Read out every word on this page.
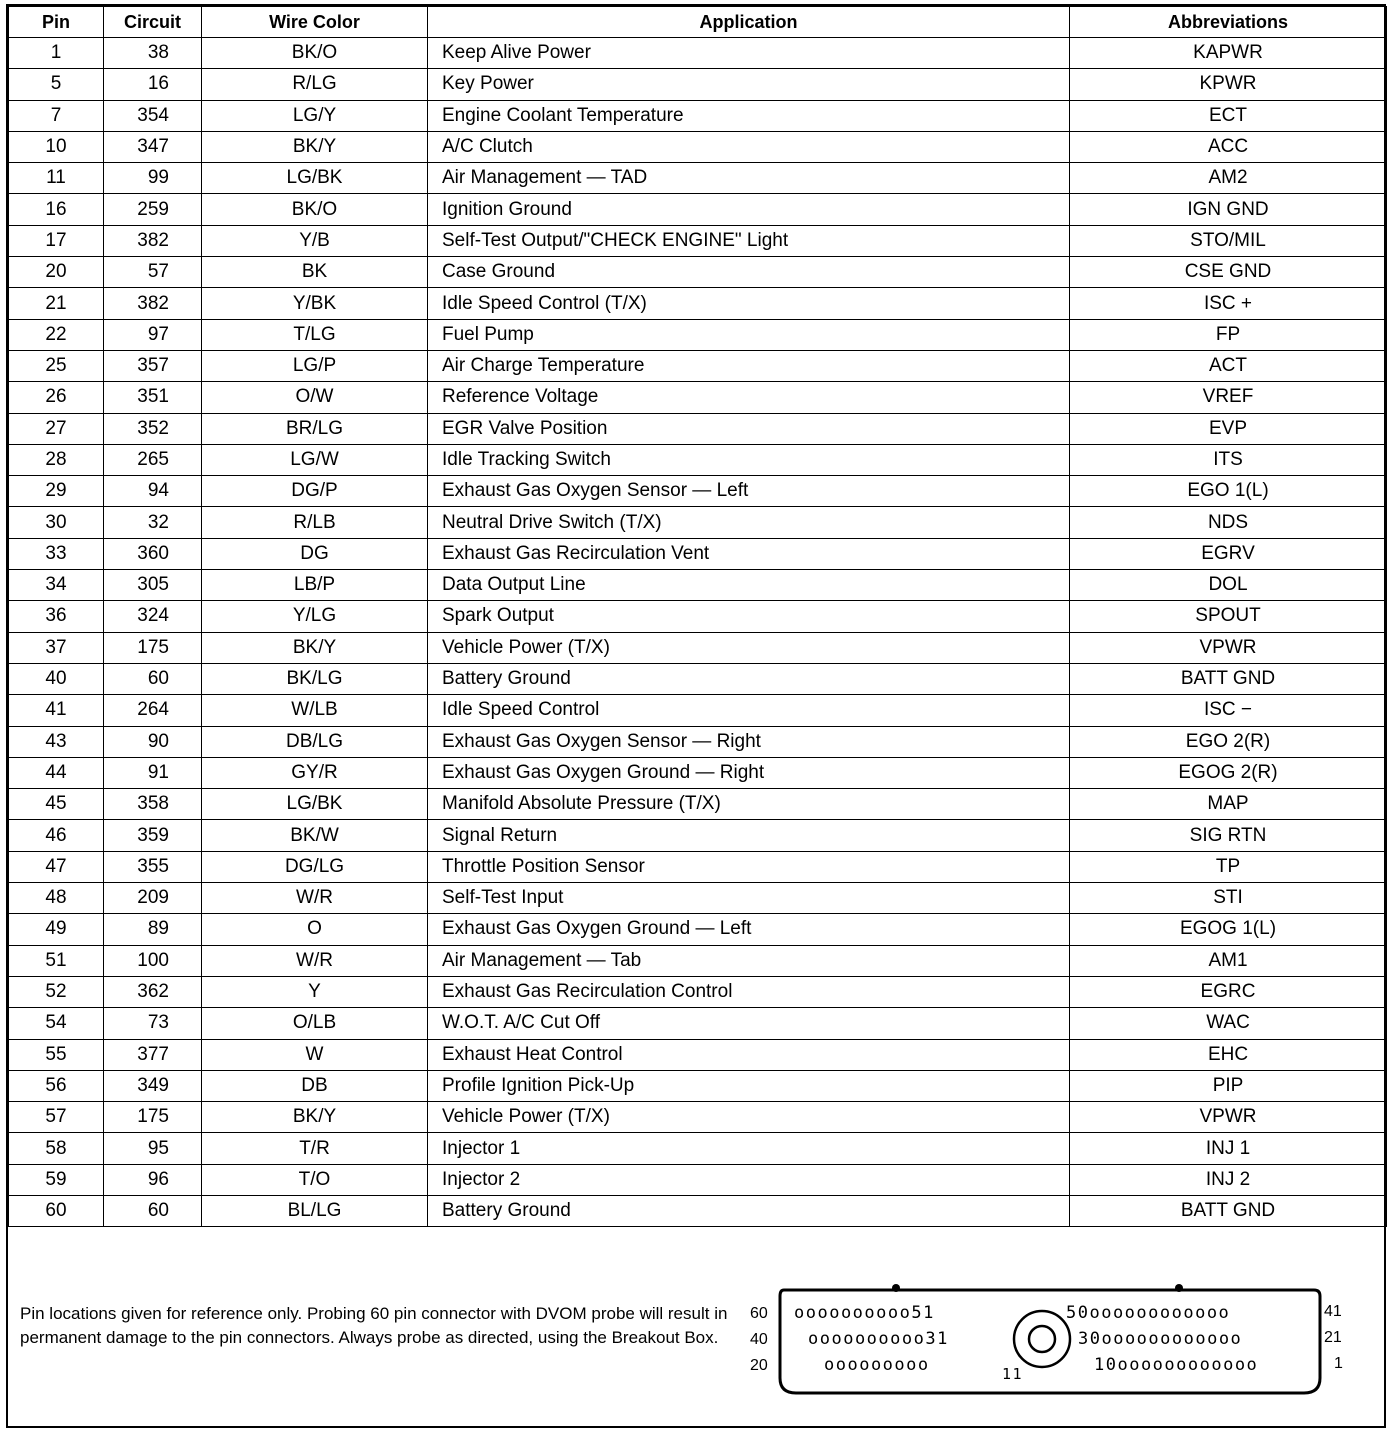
Pin	Circuit	Wire Color	Application	Abbreviations
1	38	BK/O	Keep Alive Power	KAPWR
5	16	R/LG	Key Power	KPWR
7	354	LG/Y	Engine Coolant Temperature	ECT
10	347	BK/Y	A/C Clutch	ACC
11	99	LG/BK	Air Management — TAD	AM2
16	259	BK/O	Ignition Ground	IGN GND
17	382	Y/B	Self-Test Output/"CHECK ENGINE" Light	STO/MIL
20	57	BK	Case Ground	CSE GND
21	382	Y/BK	Idle Speed Control (T/X)	ISC +
22	97	T/LG	Fuel Pump	FP
25	357	LG/P	Air Charge Temperature	ACT
26	351	O/W	Reference Voltage	VREF
27	352	BR/LG	EGR Valve Position	EVP
28	265	LG/W	Idle Tracking Switch	ITS
29	94	DG/P	Exhaust Gas Oxygen Sensor — Left	EGO 1(L)
30	32	R/LB	Neutral Drive Switch (T/X)	NDS
33	360	DG	Exhaust Gas Recirculation Vent	EGRV
34	305	LB/P	Data Output Line	DOL
36	324	Y/LG	Spark Output	SPOUT
37	175	BK/Y	Vehicle Power (T/X)	VPWR
40	60	BK/LG	Battery Ground	BATT GND
41	264	W/LB	Idle Speed Control	ISC −
43	90	DB/LG	Exhaust Gas Oxygen Sensor — Right	EGO 2(R)
44	91	GY/R	Exhaust Gas Oxygen Ground — Right	EGOG 2(R)
45	358	LG/BK	Manifold Absolute Pressure (T/X)	MAP
46	359	BK/W	Signal Return	SIG RTN
47	355	DG/LG	Throttle Position Sensor	TP
48	209	W/R	Self-Test Input	STI
49	89	O	Exhaust Gas Oxygen Ground — Left	EGOG 1(L)
51	100	W/R	Air Management — Tab	AM1
52	362	Y	Exhaust Gas Recirculation Control	EGRC
54	73	O/LB	W.O.T. A/C Cut Off	WAC
55	377	W	Exhaust Heat Control	EHC
56	349	DB	Profile Ignition Pick-Up	PIP
57	175	BK/Y	Vehicle Power (T/X)	VPWR
58	95	T/R	Injector 1	INJ 1
59	96	T/O	Injector 2	INJ 2
60	60	BL/LG	Battery Ground	BATT GND
Pin locations given for reference only. Probing 60 pin connector with DVOM probe will result in permanent damage to the pin connectors. Always probe as directed, using the Breakout Box.
60
40
20
41
21
1
oooooooooo51	50oooooooooooo
oooooooooo31	30oooooooooooo
ooooooooo	11	10oooooooooooo
